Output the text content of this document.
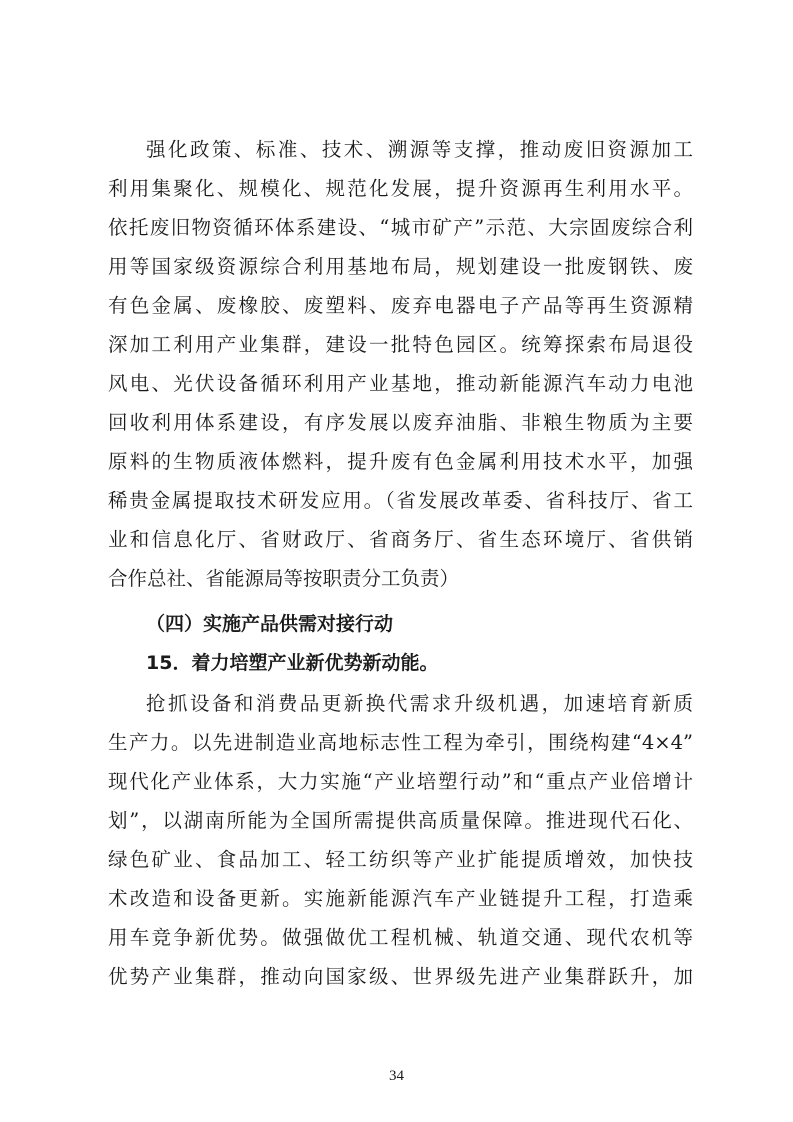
强化政策、标准、技术、溯源等支撑，推动废旧资源加工
利用集聚化、规模化、规范化发展，提升资源再生利用水平。
依托废旧物资循环体系建设、“城市矿产”示范、大宗固废综合利
用等国家级资源综合利用基地布局，规划建设一批废钢铁、废
有色金属、废橡胶、废塑料、废弃电器电子产品等再生资源精
深加工利用产业集群，建设一批特色园区。统筹探索布局退役
风电、光伏设备循环利用产业基地，推动新能源汽车动力电池
回收利用体系建设，有序发展以废弃油脂、非粮生物质为主要
原料的生物质液体燃料，提升废有色金属利用技术水平，加强
稀贵金属提取技术研发应用。（省发展改革委、省科技厅、省工
业和信息化厅、省财政厅、省商务厅、省生态环境厅、省供销
合作总社、省能源局等按职责分工负责）
（四）实施产品供需对接行动
15．着力培塑产业新优势新动能。
抢抓设备和消费品更新换代需求升级机遇，加速培育新质
生产力。以先进制造业高地标志性工程为牵引，围绕构建“4×4”
现代化产业体系，大力实施“产业培塑行动”和“重点产业倍增计
划”，以湖南所能为全国所需提供高质量保障。推进现代石化、
绿色矿业、食品加工、轻工纺织等产业扩能提质增效，加快技
术改造和设备更新。实施新能源汽车产业链提升工程，打造乘
用车竞争新优势。做强做优工程机械、轨道交通、现代农机等
优势产业集群，推动向国家级、世界级先进产业集群跃升，加
34
